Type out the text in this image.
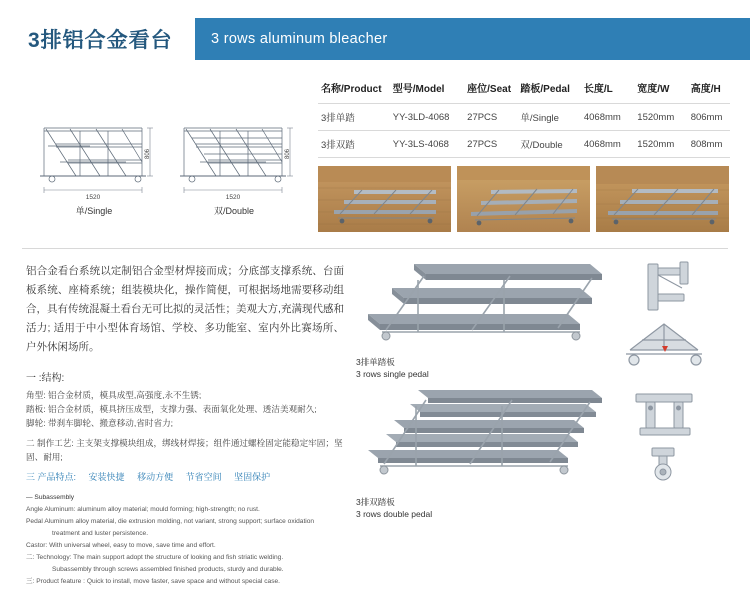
3排铝合金看台	3 rows aluminum bleacher
名称/Product	型号/Model	座位/Seat	踏板/Pedal	长度/L	宽度/W	高度/H
3排单踏	YY-3LD-4068	27PCS	单/Single	4068mm	1520mm	806mm
3排双踏	YY-3LS-4068	27PCS	双/Double	4068mm	1520mm	808mm
1520
806
单/Single
1520
806
双/Double

铝合金看台系统以定制铝合金型材焊接而成；分底部支撑系统、台面板系统、座椅系统；组装模块化，操作简便，可根据场地需要移动组合，具有传统混凝土看台无可比拟的灵活性；美观大方,充满现代感和活力; 适用于中小型体育场馆、学校、多功能室、室内外比赛场所、户外休闲场所。

一 :结构:

角型: 铝合金材质，模具成型,高强度,永不生锈;

踏板: 铝合金材质，模具挤压成型，支撑力强、表面氧化处理、透洁美观耐久;

脚轮: 带刹车脚轮、搬意移动,省时省力;

二 制作工艺: 主支架支撑模块组成，绑线材焊接；组件通过螺栓固定能稳定牢固；坚固、耐用;

三 产品特点: 安装快捷 移动方便 节省空间 坚固保护

— Subassembly

Angle Aluminum: aluminum alloy material; mould forming; high-strength; no rust.

Pedal Aluminum alloy material, die extrusion molding, not variant, strong support; surface oxidation

treatment and luster persistence.

Castor: With universal wheel, easy to move, save time and effort.

二: Technology: The main support adopt the structure of looking and fish striatic welding.

Subassembly through screws assembled finished products, sturdy and durable.

三: Product feature : Quick to install, move faster, save space and without special case.

3排单踏板
3 rows single pedal
3排双踏板
3 rows double pedal
